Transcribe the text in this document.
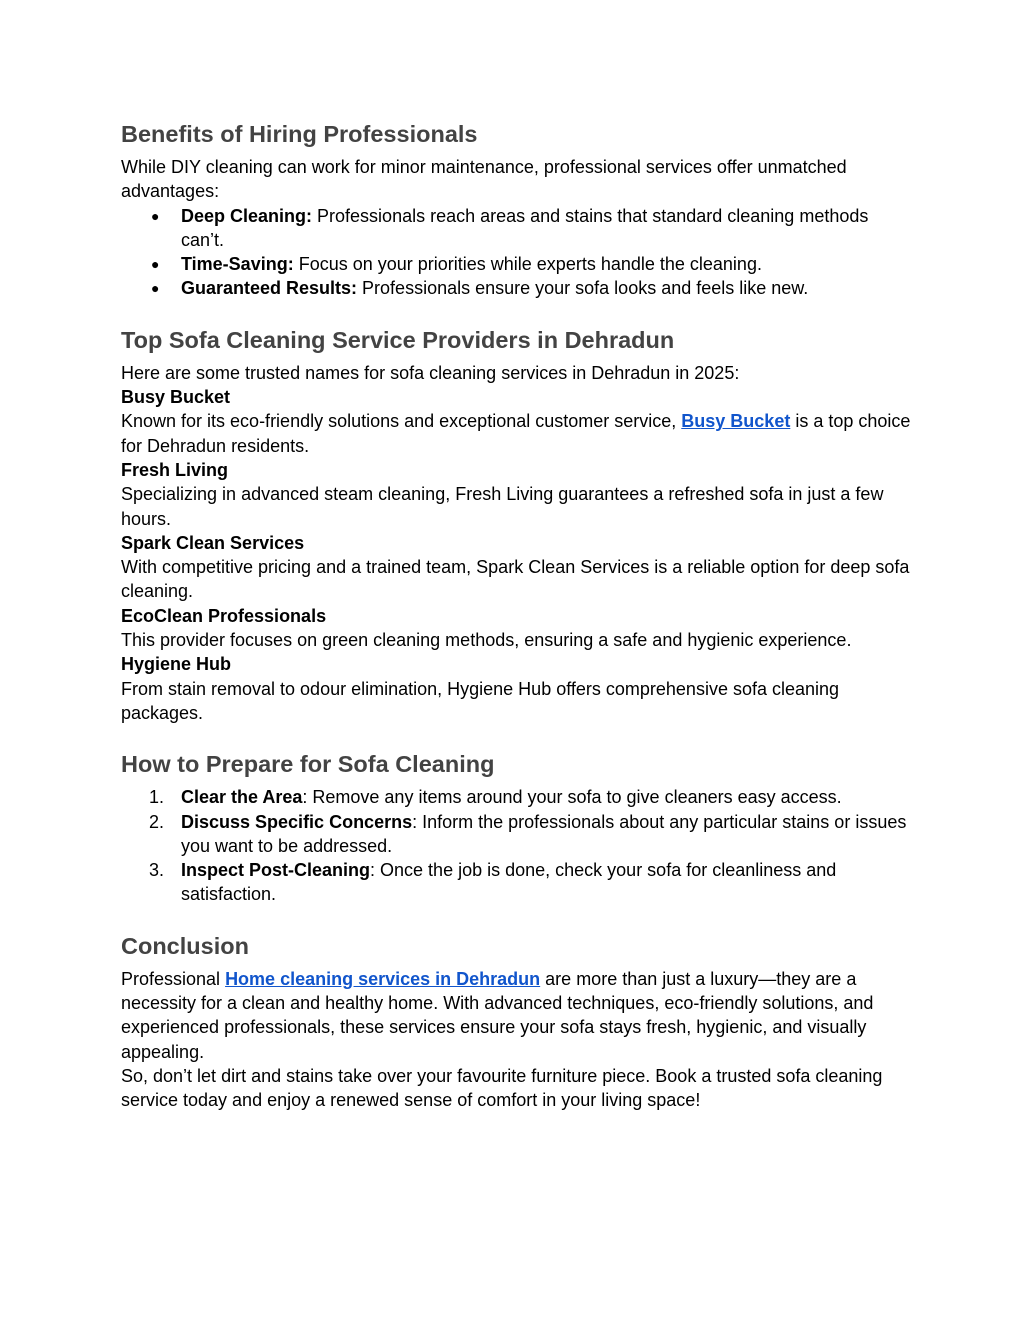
Benefits of Hiring Professionals

While DIY cleaning can work for minor maintenance, professional services offer unmatched advantages:

●	Deep Cleaning: Professionals reach areas and stains that standard cleaning methods can’t.
●	Time-Saving: Focus on your priorities while experts handle the cleaning.
●	Guaranteed Results: Professionals ensure your sofa looks and feels like new.
Top Sofa Cleaning Service Providers in Dehradun

Here are some trusted names for sofa cleaning services in Dehradun in 2025:

Busy Bucket

Known for its eco-friendly solutions and exceptional customer service, Busy Bucket is a top choice for Dehradun residents.

Fresh Living

Specializing in advanced steam cleaning, Fresh Living guarantees a refreshed sofa in just a few hours.

Spark Clean Services

With competitive pricing and a trained team, Spark Clean Services is a reliable option for deep sofa cleaning.

EcoClean Professionals

This provider focuses on green cleaning methods, ensuring a safe and hygienic experience.

Hygiene Hub

From stain removal to odour elimination, Hygiene Hub offers comprehensive sofa cleaning packages.

How to Prepare for Sofa Cleaning
1. Clear the Area: Remove any items around your sofa to give cleaners easy access.
2. Discuss Specific Concerns: Inform the professionals about any particular stains or issues you want to be addressed.
3. Inspect Post-Cleaning: Once the job is done, check your sofa for cleanliness and satisfaction.
Conclusion

Professional Home cleaning services in Dehradun are more than just a luxury—they are a necessity for a clean and healthy home. With advanced techniques, eco-friendly solutions, and experienced professionals, these services ensure your sofa stays fresh, hygienic, and visually appealing.

So, don’t let dirt and stains take over your favourite furniture piece. Book a trusted sofa cleaning service today and enjoy a renewed sense of comfort in your living space!
